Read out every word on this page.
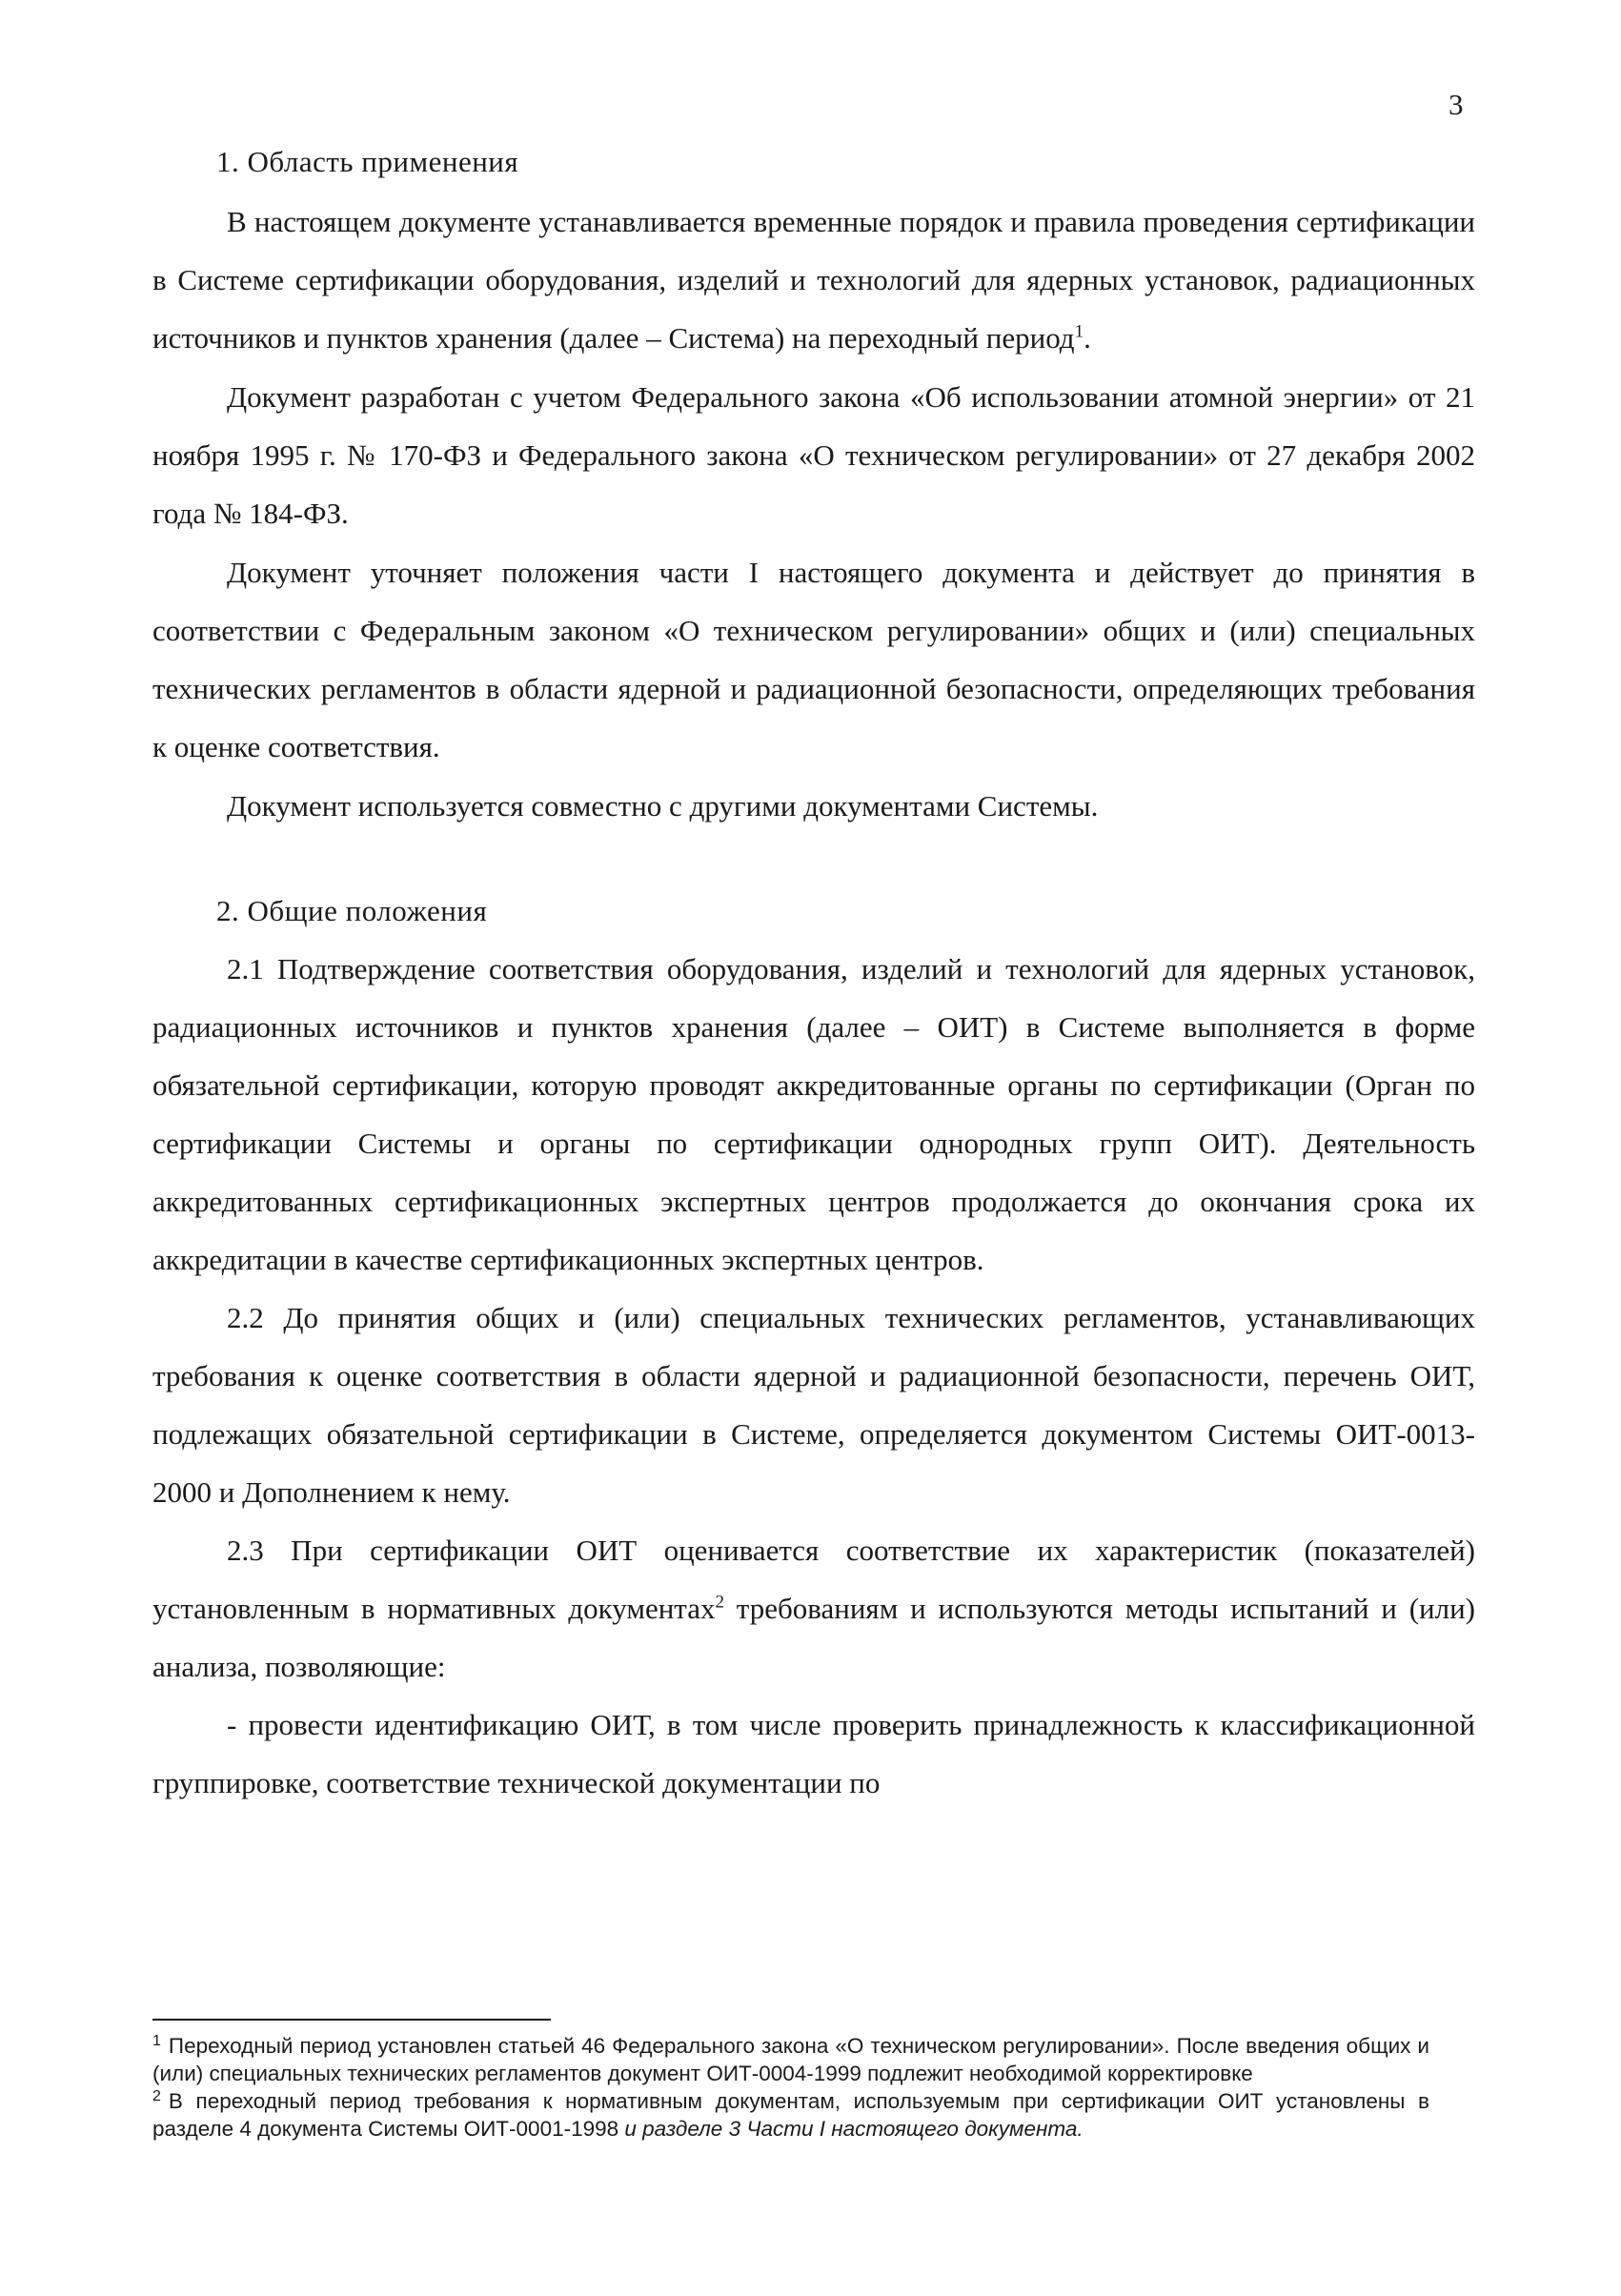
3
1. Область применения

В настоящем документе устанавливается временные порядок и правила проведения сертификации в Системе сертификации оборудования, изделий и технологий для ядерных установок, радиационных источников и пунктов хранения (далее – Система) на переходный период$^1$.

Документ разработан с учетом Федерального закона «Об использовании атомной энергии» от 21 ноября 1995 г. № 170-ФЗ и Федерального закона «О техническом регулировании» от 27 декабря 2002 года № 184-ФЗ.

Документ уточняет положения части I настоящего документа и действует до принятия в соответствии с Федеральным законом «О техническом регулировании» общих и (или) специальных технических регламентов в области ядерной и радиационной безопасности, определяющих требования к оценке соответствия.

Документ используется совместно с другими документами Системы.

2. Общие положения

2.1 Подтверждение соответствия оборудования, изделий и технологий для ядерных установок, радиационных источников и пунктов хранения (далее – ОИТ) в Системе выполняется в форме обязательной сертификации, которую проводят аккредитованные органы по сертификации (Орган по сертификации Системы и органы по сертификации однородных групп ОИТ). Деятельность аккредитованных сертификационных экспертных центров продолжается до окончания срока их аккредитации в качестве сертификационных экспертных центров.

2.2 До принятия общих и (или) специальных технических регламентов, устанавливающих требования к оценке соответствия в области ядерной и радиационной безопасности, перечень ОИТ, подлежащих обязательной сертификации в Системе, определяется документом Системы ОИТ-0013-2000 и Дополнением к нему.

2.3 При сертификации ОИТ оценивается соответствие их характеристик (показателей) установленным в нормативных документах$^2$ требованиям и используются методы испытаний и (или) анализа, позволяющие:

- провести идентификацию ОИТ, в том числе проверить принадлежность к классификационной группировке, соответствие технической документации по

$^1$ Переходный период установлен статьей 46 Федерального закона «О техническом регулировании». После введения общих и (или) специальных технических регламентов документ ОИТ-0004-1999 подлежит необходимой корректировке

$^2$ В переходный период требования к нормативным документам, используемым при сертификации ОИТ установлены в разделе 4 документа Системы ОИТ-0001-1998 и разделе 3 Части I настоящего документа.
